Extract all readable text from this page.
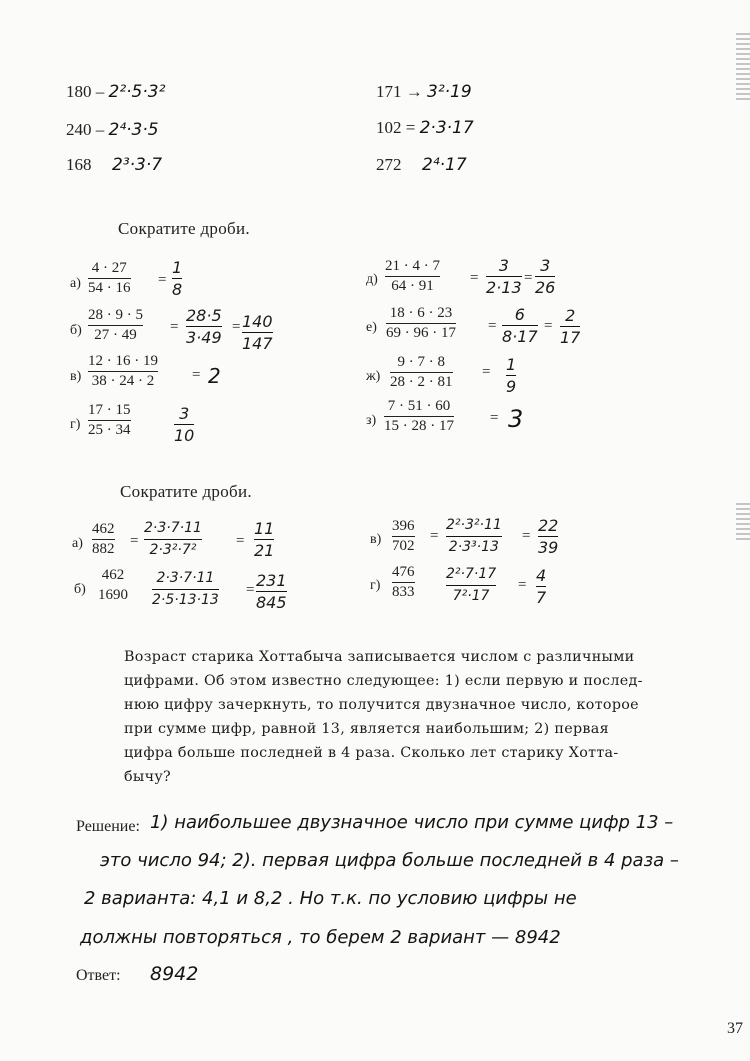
180 – 2²·5·3²
240 – 2⁴·3·5
168 2³·3·7
171 → 3²·19
102 = 2·3·17
272 2⁴·17
Сократите дроби.
а)
4 · 27
54 · 16 =
1
8
б)
28 · 9 · 5
27 · 49 =
28·5
3·49
= 140
147
в)
12 · 16 · 19
38 · 24 · 2	= 2
г)
17 · 15
25 · 34
3
10
д)
21 · 4 · 7
64 · 91 =
3
2·13 =
3
26
е)
18 · 6 · 23
69 · 96 · 17 =
6
8·17
=
2
17
ж)
9 · 7 · 8
28 · 2 · 81
= 1
9
з)
7 · 51 · 60
15 · 28 · 17 = 3
Сократите дроби.
а)
462
882 =
2·3·7·11
2·3²·7²
=
11
21
б)
462
1690
2·3·7·11
2·5·13·13
= 231
845
в)
396
702
=
2²·3²·11
2·3³·13
=
22
39
г)
476
833
2²·7·17
7²·17
= 4
7
Возраст старика Хоттабыча записывается числом с различными
цифрами. Об этом известно следующее: 1) если первую и послед-
нюю цифру зачеркнуть, то получится двузначное число, которое
при сумме цифр, равной 13, является наибольшим; 2) первая
цифра больше последней в 4 раза. Сколько лет старику Хотта-
бычу?
Решение: 1) наибольшее двузначное число при сумме цифр 13 –
это число 94; 2). первая цифра больше последней в 4 раза –
2 варианта: 4,1 и 8,2 . Но т.к. по условию цифры не
должны повторяться , то берем 2 вариант — 8942
Ответ: 8942
37
